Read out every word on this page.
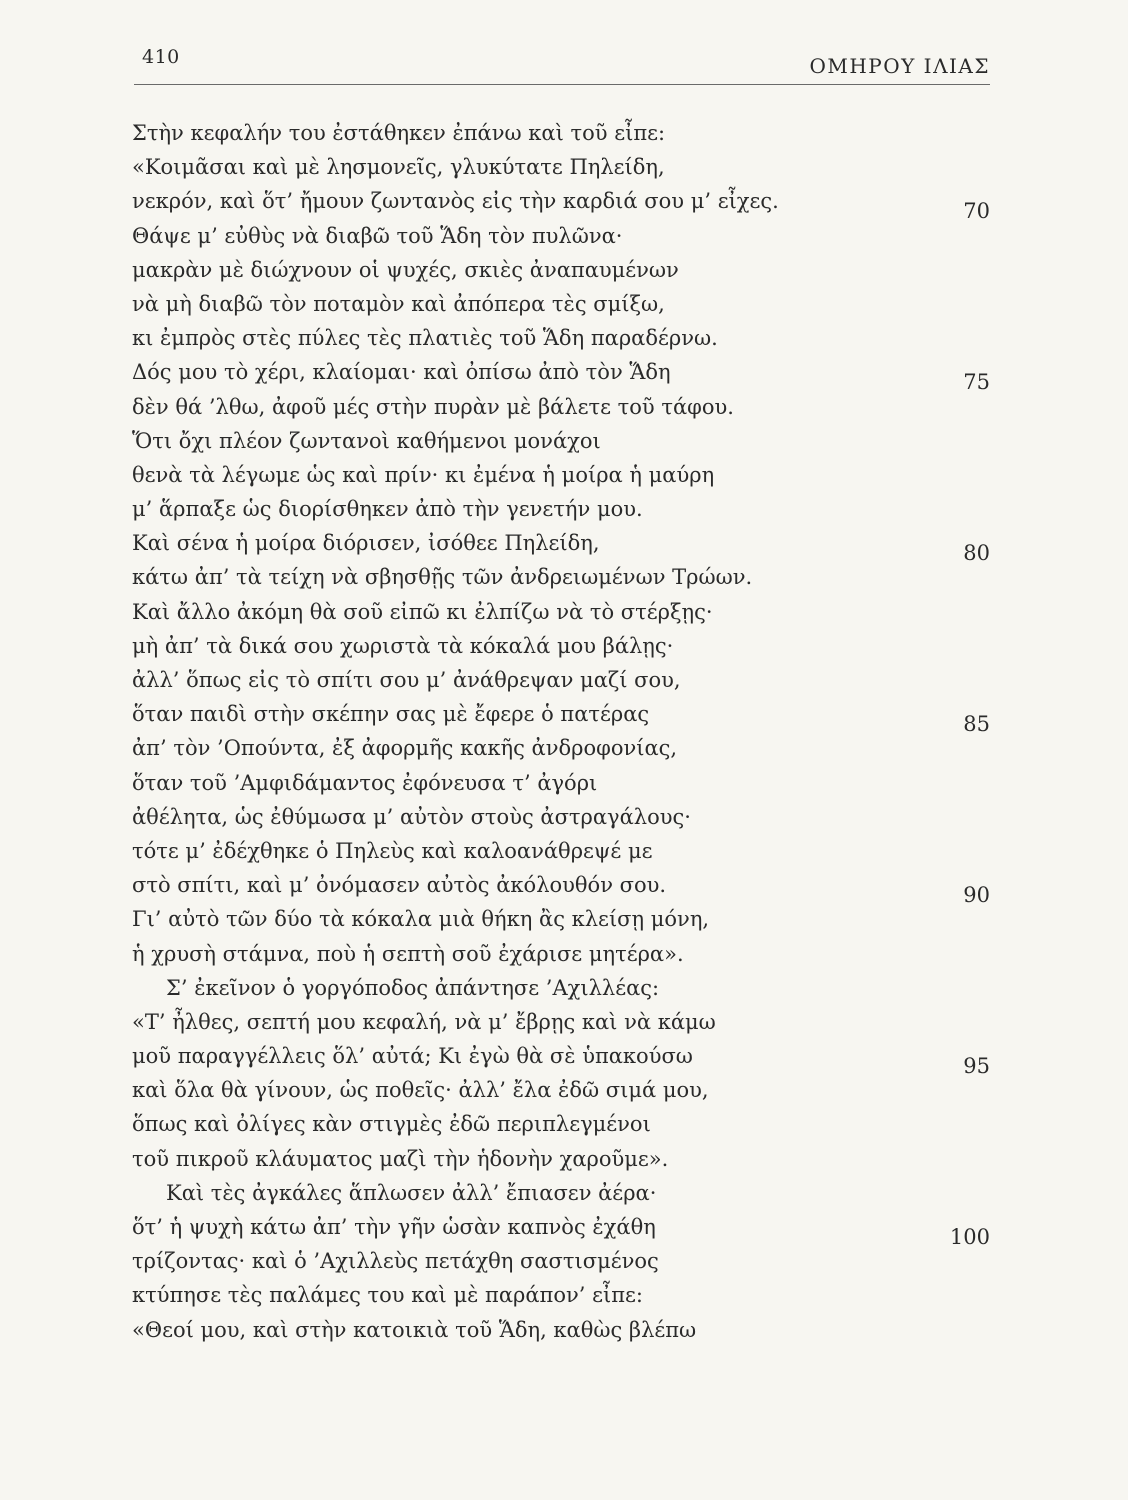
410	ΟΜΗΡΟΥ ΙΛΙΑΣ
Στὴν κεφαλήν του ἐστάθηκεν ἐπάνω καὶ τοῦ εἶπε:
«Κοιμᾶσαι καὶ μὲ λησμονεῖς, γλυκύτατε Πηλείδη,
νεκρόν, καὶ ὅτ’ ἤμουν ζωντανὸς εἰς τὴν καρδιά σου μ’ εἶχες.	70
Θάψε μ’ εὐθὺς νὰ διαβῶ τοῦ Ἅδη τὸν πυλῶνα·
μακρὰν μὲ διώχνουν οἱ ψυχές, σκιὲς ἀναπαυμένων
νὰ μὴ διαβῶ τὸν ποταμὸν καὶ ἀπόπερα τὲς σμίξω,
κι ἐμπρὸς στὲς πύλες τὲς πλατιὲς τοῦ Ἅδη παραδέρνω.
Δός μου τὸ χέρι, κλαίομαι· καὶ ὀπίσω ἀπὸ τὸν Ἅδη	75
δὲν θά ’λθω, ἀφοῦ μές στὴν πυρὰν μὲ βάλετε τοῦ τάφου.
Ὅτι ὄχι πλέον ζωντανοὶ καθήμενοι μονάχοι
θενὰ τὰ λέγωμε ὡς καὶ πρίν· κι ἐμένα ἡ μοίρα ἡ μαύρη
μ’ ἅρπαξε ὡς διορίσθηκεν ἀπὸ τὴν γενετήν μου.
Καὶ σένα ἡ μοίρα διόρισεν, ἰσόθεε Πηλείδη,	80
κάτω ἀπ’ τὰ τείχη νὰ σβησθῇς τῶν ἀνδρειωμένων Τρώων.
Καὶ ἄλλο ἀκόμη θὰ σοῦ εἰπῶ κι ἐλπίζω νὰ τὸ στέρξῃς·
μὴ ἀπ’ τὰ δικά σου χωριστὰ τὰ κόκαλά μου βάλῃς·
ἀλλ’ ὅπως εἰς τὸ σπίτι σου μ’ ἀνάθρεψαν μαζί σου,
ὅταν παιδὶ στὴν σκέπην σας μὲ ἔφερε ὁ πατέρας	85
ἀπ’ τὸν ’Οπούντα, ἐξ ἀφορμῆς κακῆς ἀνδροφονίας,
ὅταν τοῦ ’Αμφιδάμαντος ἐφόνευσα τ’ ἀγόρι
ἀθέλητα, ὡς ἐθύμωσα μ’ αὐτὸν στοὺς ἀστραγάλους·
τότε μ’ ἐδέχθηκε ὁ Πηλεὺς καὶ καλοανάθρεψέ με
στὸ σπίτι, καὶ μ’ ὀνόμασεν αὐτὸς ἀκόλουθόν σου.	90
Γι’ αὐτὸ τῶν δύο τὰ κόκαλα μιὰ θήκη ἂς κλείσῃ μόνη,
ἡ χρυσὴ στάμνα, ποὺ ἡ σεπτὴ σοῦ ἐχάρισε μητέρα».
Σ’ ἐκεῖνον ὁ γοργόποδος ἀπάντησε ’Αχιλλέας:
«Τ’ ἦλθες, σεπτή μου κεφαλή, νὰ μ’ ἔβρῃς καὶ νὰ κάμω
μοῦ παραγγέλλεις ὅλ’ αὐτά; Κι ἐγὼ θὰ σὲ ὑπακούσω	95
καὶ ὅλα θὰ γίνουν, ὡς ποθεῖς· ἀλλ’ ἔλα ἐδῶ σιμά μου,
ὅπως καὶ ὀλίγες κὰν στιγμὲς ἐδῶ περιπλεγμένοι
τοῦ πικροῦ κλάυματος μαζὶ τὴν ἡδονὴν χαροῦμε».
Καὶ τὲς ἀγκάλες ἅπλωσεν ἀλλ’ ἔπιασεν ἀέρα·
ὅτ’ ἡ ψυχὴ κάτω ἀπ’ τὴν γῆν ὡσὰν καπνὸς ἐχάθη	100
τρίζοντας· καὶ ὁ ’Αχιλλεὺς πετάχθη σαστισμένος
κτύπησε τὲς παλάμες του καὶ μὲ παράπον’ εἶπε:
«Θεοί μου, καὶ στὴν κατοικιὰ τοῦ Ἅδη, καθὼς βλέπω
